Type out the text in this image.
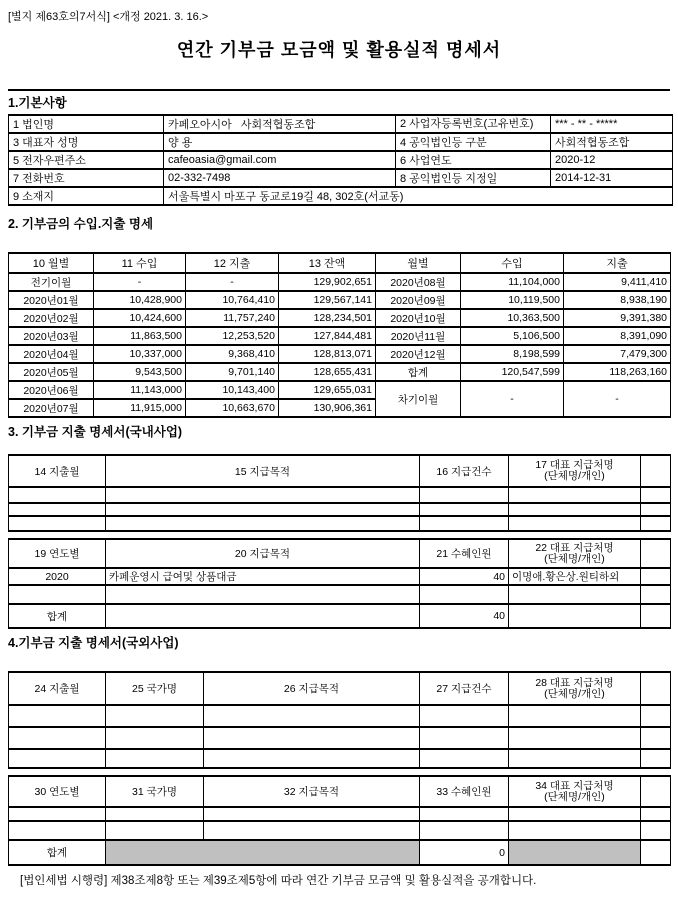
[별지 제63호의7서식] <개정 2021. 3. 16.>
연간 기부금 모금액 및 활용실적 명세서
1.기본사항
1 법인명	카페오아시아   사회적협동조합	2 사업자등록번호(고유번호)	*** - ** - *****
3 대표자 성명	양 용	4 공익법인등 구분	사회적협동조합
5 전자우편주소	cafeoasia@gmail.com	6 사업연도	2020-12
7 전화번호	02-332-7498	8 공익법인등 지정일	2014-12-31
9 소재지	서울특별시 마포구 동교로19길 48, 302호(서교동)		
2. 기부금의 수입.지출 명세
10 월별	11 수입	12 지출	13 잔액	월별	수입	지출
전기이월	-	-	129,902,651	2020년08월	11,104,000	9,411,410
2020년01월	10,428,900	10,764,410	129,567,141	2020년09월	10,119,500	8,938,190
2020년02월	10,424,600	11,757,240	128,234,501	2020년10월	10,363,500	9,391,380
2020년03월	11,863,500	12,253,520	127,844,481	2020년11월	5,106,500	8,391,090
2020년04월	10,337,000	9,368,410	128,813,071	2020년12월	8,198,599	7,479,300
2020년05월	9,543,500	9,701,140	128,655,431	합계	120,547,599	118,263,160
2020년06월	11,143,000	10,143,400	129,655,031	차기이월	-	-
2020년07월	11,915,000	10,663,670	130,906,361			
3. 기부금 지출 명세서(국내사업)
14 지출월	15 지급목적	16 지급건수	17 대표 지급처명
(단체명/개인)	

19 연도별	20 지급목적	21 수혜인원	22 대표 지급처명
(단체명/개인)	
2020	카페운영시 급여및 상품대금	40	이명애.황은상.원티하외	

합계		40		
4.기부금 지출 명세서(국외사업)
24 지출월	25 국가명	26 지급목적	27 지급건수	28 대표 지급처명
(단체명/개인)	

30 연도별	31 국가명	32 지급목적	33 수혜인원	34 대표 지급처명
(단체명/개인)	

합계			0		
[법인세법 시행령] 제38조제8항 또는 제39조제5항에 따라 연간 기부금 모금액 및 활용실적을 공개합니다.
